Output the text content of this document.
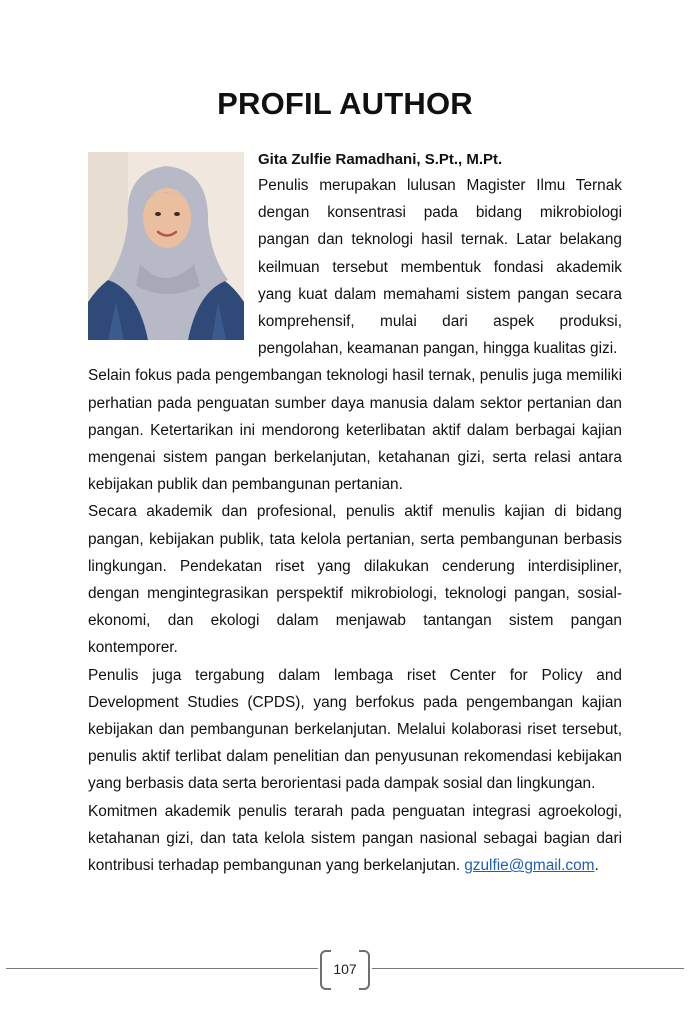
PROFIL AUTHOR

Gita Zulfie Ramadhani, S.Pt., M.Pt.

Penulis merupakan lulusan Magister Ilmu Ternak dengan konsentrasi pada bidang mikrobiologi pangan dan teknologi hasil ternak. Latar belakang keilmuan tersebut membentuk fondasi akademik yang kuat dalam memahami sistem pangan secara komprehensif, mulai dari aspek produksi, pengolahan, keamanan pangan, hingga kualitas gizi.

Selain fokus pada pengembangan teknologi hasil ternak, penulis juga memiliki perhatian pada penguatan sumber daya manusia dalam sektor pertanian dan pangan. Ketertarikan ini mendorong keterlibatan aktif dalam berbagai kajian mengenai sistem pangan berkelanjutan, ketahanan gizi, serta relasi antara kebijakan publik dan pembangunan pertanian.

Secara akademik dan profesional, penulis aktif menulis kajian di bidang pangan, kebijakan publik, tata kelola pertanian, serta pembangunan berbasis lingkungan. Pendekatan riset yang dilakukan cenderung interdisipliner, dengan mengintegrasikan perspektif mikrobiologi, teknologi pangan, sosial-ekonomi, dan ekologi dalam menjawab tantangan sistem pangan kontemporer.

Penulis juga tergabung dalam lembaga riset Center for Policy and Development Studies (CPDS), yang berfokus pada pengembangan kajian kebijakan dan pembangunan berkelanjutan. Melalui kolaborasi riset tersebut, penulis aktif terlibat dalam penelitian dan penyusunan rekomendasi kebijakan yang berbasis data serta berorientasi pada dampak sosial dan lingkungan.

Komitmen akademik penulis terarah pada penguatan integrasi agroekologi, ketahanan gizi, dan tata kelola sistem pangan nasional sebagai bagian dari kontribusi terhadap pembangunan yang berkelanjutan. gzulfie@gmail.com.

107
